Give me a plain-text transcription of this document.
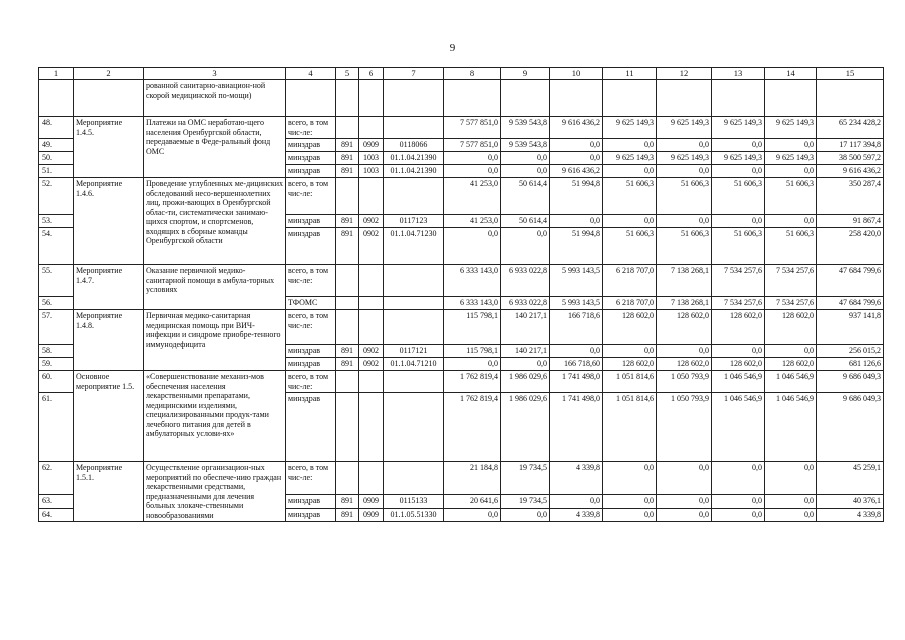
9
1	2	3	4	5	6	7	8	9	10	11	12	13	14	15
		рованной санитарно-авиацион-ной скорой медицинской по-мощи)												
48.	Мероприятие 1.4.5.	Платежи на ОМС неработаю-щего населения Оренбургской области, передаваемые в Феде-ральный фонд ОМС	всего, в том чис-ле:				7 577 851,0	9 539 543,8	9 616 436,2	9 625 149,3	9 625 149,3	9 625 149,3	9 625 149,3	65 234 428,2
49.			минздрав	891	0909	0118066	7 577 851,0	9 539 543,8	0,0	0,0	0,0	0,0	0,0	17 117 394,8
50.			минздрав	891	1003	01.1.04.21390	0,0	0,0	0,0	9 625 149,3	9 625 149,3	9 625 149,3	9 625 149,3	38 500 597,2
51.			минздрав	891	1003	01.1.04.21390	0,0	0,0	9 616 436,2	0,0	0,0	0,0	0,0	9 616 436,2
52.	Мероприятие 1.4.6.	Проведение углубленных ме-дицинских обследований несо-вершеннолетних лиц, прожи-вающих в Оренбургской облас-ти, систематически занимаю-щихся спортом, и спортсменов, входящих в сборные команды Оренбургской области	всего, в том чис-ле:				41 253,0	50 614,4	51 994,8	51 606,3	51 606,3	51 606,3	51 606,3	350 287,4
53.			минздрав	891	0902	0117123	41 253,0	50 614,4	0,0	0,0	0,0	0,0	0,0	91 867,4
54.			минздрав	891	0902	01.1.04.71230	0,0	0,0	51 994,8	51 606,3	51 606,3	51 606,3	51 606,3	258 420,0
55.	Мероприятие 1.4.7.	Оказание первичной медико-санитарной помощи в амбула-торных условиях	всего, в том чис-ле:				6 333 143,0	6 933 022,8	5 993 143,5	6 218 707,0	7 138 268,1	7 534 257,6	7 534 257,6	47 684 799,6
56.			ТФОМС				6 333 143,0	6 933 022,8	5 993 143,5	6 218 707,0	7 138 268,1	7 534 257,6	7 534 257,6	47 684 799,6
57.	Мероприятие 1.4.8.	Первичная медико-санитарная медицинская помощь при ВИЧ-инфекции и синдроме приобре-тенного иммунодефицита	всего, в том чис-ле:				115 798,1	140 217,1	166 718,6	128 602,0	128 602,0	128 602,0	128 602,0	937 141,8
58.			минздрав	891	0902	0117121	115 798,1	140 217,1	0,0	0,0	0,0	0,0	0,0	256 015,2
59.			минздрав	891	0902	01.1.04.71210	0,0	0,0	166 718,60	128 602,0	128 602,0	128 602,0	128 602,0	681 126,6
60.	Основное мероприятие 1.5.	«Совершенствование механиз-мов обеспечения населения лекарственными препаратами, медицинскими изделиями, специализированными продук-тами лечебного питания для детей в амбулаторных услови-ях»	всего, в том чис-ле:				1 762 819,4	1 986 029,6	1 741 498,0	1 051 814,6	1 050 793,9	1 046 546,9	1 046 546,9	9 686 049,3
61.			минздрав				1 762 819,4	1 986 029,6	1 741 498,0	1 051 814,6	1 050 793,9	1 046 546,9	1 046 546,9	9 686 049,3
62.	Мероприятие 1.5.1.	Осуществление организацион-ных мероприятий по обеспече-нию граждан лекарственными средствами, предназначенными для лечения больных злокаче-ственными новообразованиями	всего, в том чис-ле:				21 184,8	19 734,5	4 339,8	0,0	0,0	0,0	0,0	45 259,1
63.			минздрав	891	0909	0115133	20 641,6	19 734,5	0,0	0,0	0,0	0,0	0,0	40 376,1
64.			минздрав	891	0909	01.1.05.51330	0,0	0,0	4 339,8	0,0	0,0	0,0	0,0	4 339,8
